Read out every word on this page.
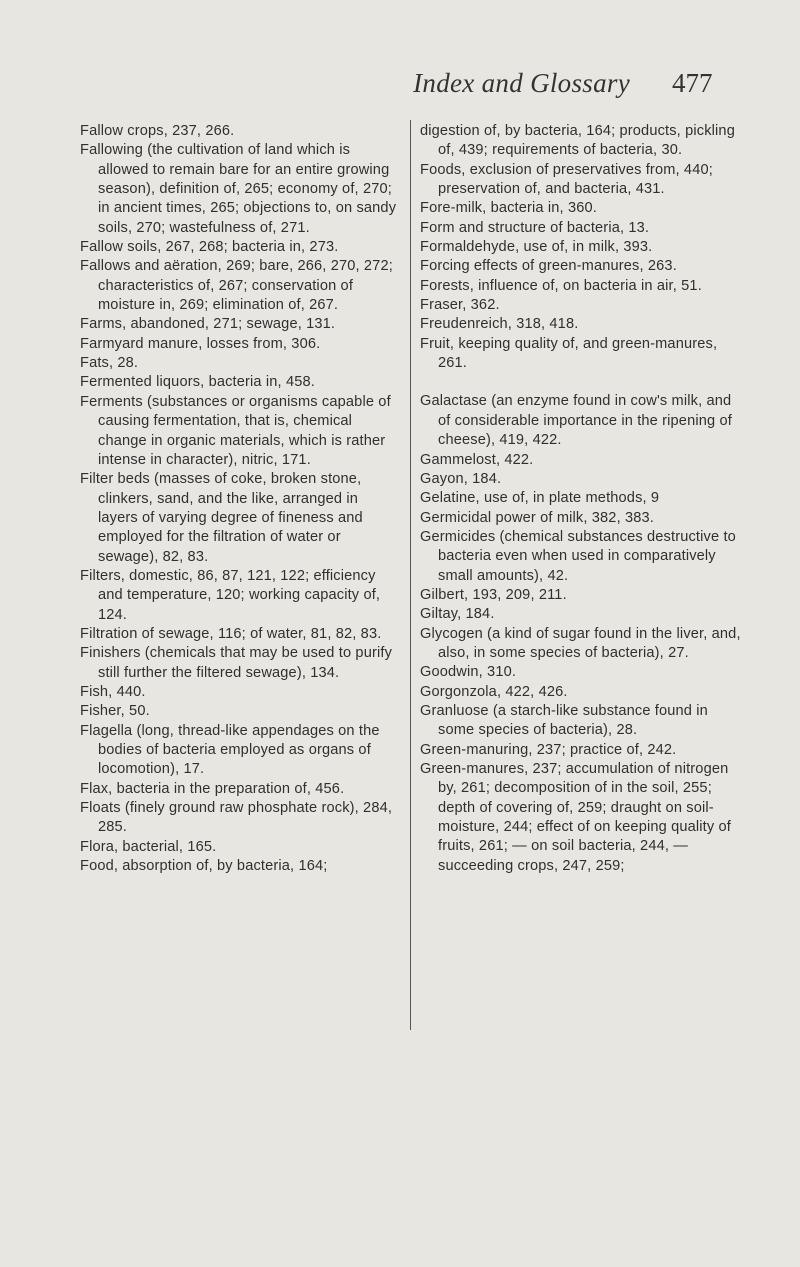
Index and Glossary 477

Fallow crops, 237, 266.

Fallowing (the cultivation of land which is allowed to remain bare for an entire growing season), definition of, 265; economy of, 270; in ancient times, 265; objections to, on sandy soils, 270; wastefulness of, 271.

Fallow soils, 267, 268; bacteria in, 273.

Fallows and aëration, 269; bare, 266, 270, 272; characteristics of, 267; conservation of moisture in, 269; elimination of, 267.

Farms, abandoned, 271; sewage, 131.

Farmyard manure, losses from, 306.

Fats, 28.

Fermented liquors, bacteria in, 458.

Ferments (substances or organisms capable of causing fermentation, that is, chemical change in organic materials, which is rather intense in character), nitric, 171.

Filter beds (masses of coke, broken stone, clinkers, sand, and the like, arranged in layers of varying degree of fineness and employed for the filtration of water or sewage), 82, 83.

Filters, domestic, 86, 87, 121, 122; efficiency and temperature, 120; working capacity of, 124.

Filtration of sewage, 116; of water, 81, 82, 83.

Finishers (chemicals that may be used to purify still further the filtered sewage), 134.

Fish, 440.

Fisher, 50.

Flagella (long, thread-like appendages on the bodies of bacteria employed as organs of locomotion), 17.

Flax, bacteria in the preparation of, 456.

Floats (finely ground raw phosphate rock), 284, 285.

Flora, bacterial, 165.

Food, absorption of, by bacteria, 164;

digestion of, by bacteria, 164; products, pickling of, 439; requirements of bacteria, 30.

Foods, exclusion of preservatives from, 440; preservation of, and bacteria, 431.

Fore-milk, bacteria in, 360.

Form and structure of bacteria, 13.

Formaldehyde, use of, in milk, 393.

Forcing effects of green-manures, 263.

Forests, influence of, on bacteria in air, 51.

Fraser, 362.

Freudenreich, 318, 418.

Fruit, keeping quality of, and green-manures, 261.

Galactase (an enzyme found in cow's milk, and of considerable importance in the ripening of cheese), 419, 422.

Gammelost, 422.

Gayon, 184.

Gelatine, use of, in plate methods, 9

Germicidal power of milk, 382, 383.

Germicides (chemical substances destructive to bacteria even when used in comparatively small amounts), 42.

Gilbert, 193, 209, 211.

Giltay, 184.

Glycogen (a kind of sugar found in the liver, and, also, in some species of bacteria), 27.

Goodwin, 310.

Gorgonzola, 422, 426.

Granluose (a starch-like substance found in some species of bacteria), 28.

Green-manuring, 237; practice of, 242.

Green-manures, 237; accumulation of nitrogen by, 261; decomposition of in the soil, 255; depth of covering of, 259; draught on soil-moisture, 244; effect of on keeping quality of fruits, 261; — on soil bacteria, 244, — succeeding crops, 247, 259;
